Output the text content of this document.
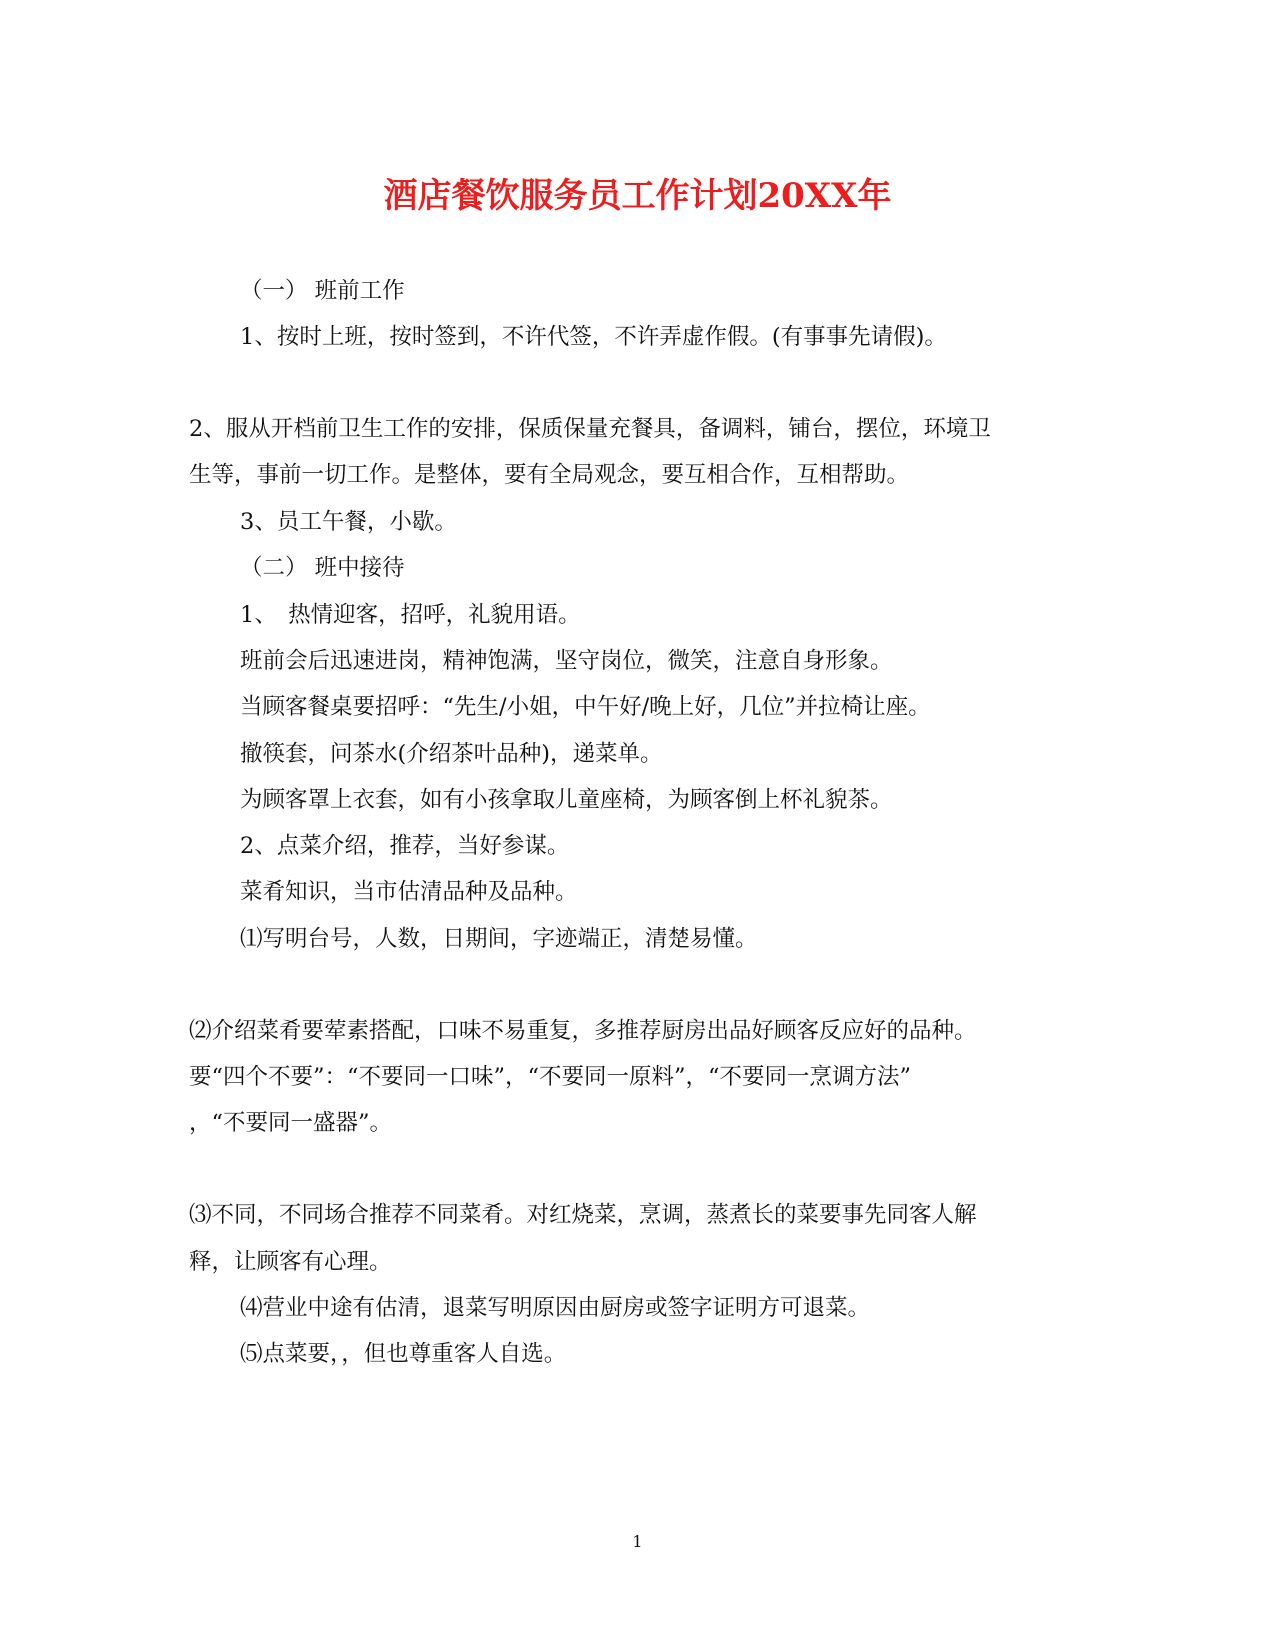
酒店餐饮服务员工作计划20XX年

（一） 班前工作

1、按时上班，按时签到，不许代签，不许弄虚作假。(有事事先请假)。

2、服从开档前卫生工作的安排，保质保量充餐具，备调料，铺台，摆位，环境卫

生等，事前一切工作。是整体，要有全局观念，要互相合作，互相帮助。

3、员工午餐，小歇。

（二） 班中接待

1、　热情迎客，招呼，礼貌用语。

班前会后迅速进岗，精神饱满，坚守岗位，微笑，注意自身形象。

当顾客餐桌要招呼：“先生/小姐，中午好/晚上好，几位”并拉椅让座。

撤筷套，问茶水(介绍茶叶品种)，递菜单。

为顾客罩上衣套，如有小孩拿取儿童座椅，为顾客倒上杯礼貌茶。

2、点菜介绍，推荐，当好参谋。

菜肴知识，当市估清品种及品种。

⑴写明台号，人数，日期间，字迹端正，清楚易懂。

⑵介绍菜肴要荤素搭配，口味不易重复，多推荐厨房出品好顾客反应好的品种。

要“四个不要”：“不要同一口味”，“不要同一原料”，“不要同一烹调方法”

，“不要同一盛器”。

⑶不同，不同场合推荐不同菜肴。对红烧菜，烹调，蒸煮长的菜要事先同客人解

释，让顾客有心理。

⑷营业中途有估清，退菜写明原因由厨房或签字证明方可退菜。

⑸点菜要，，但也尊重客人自选。

1
